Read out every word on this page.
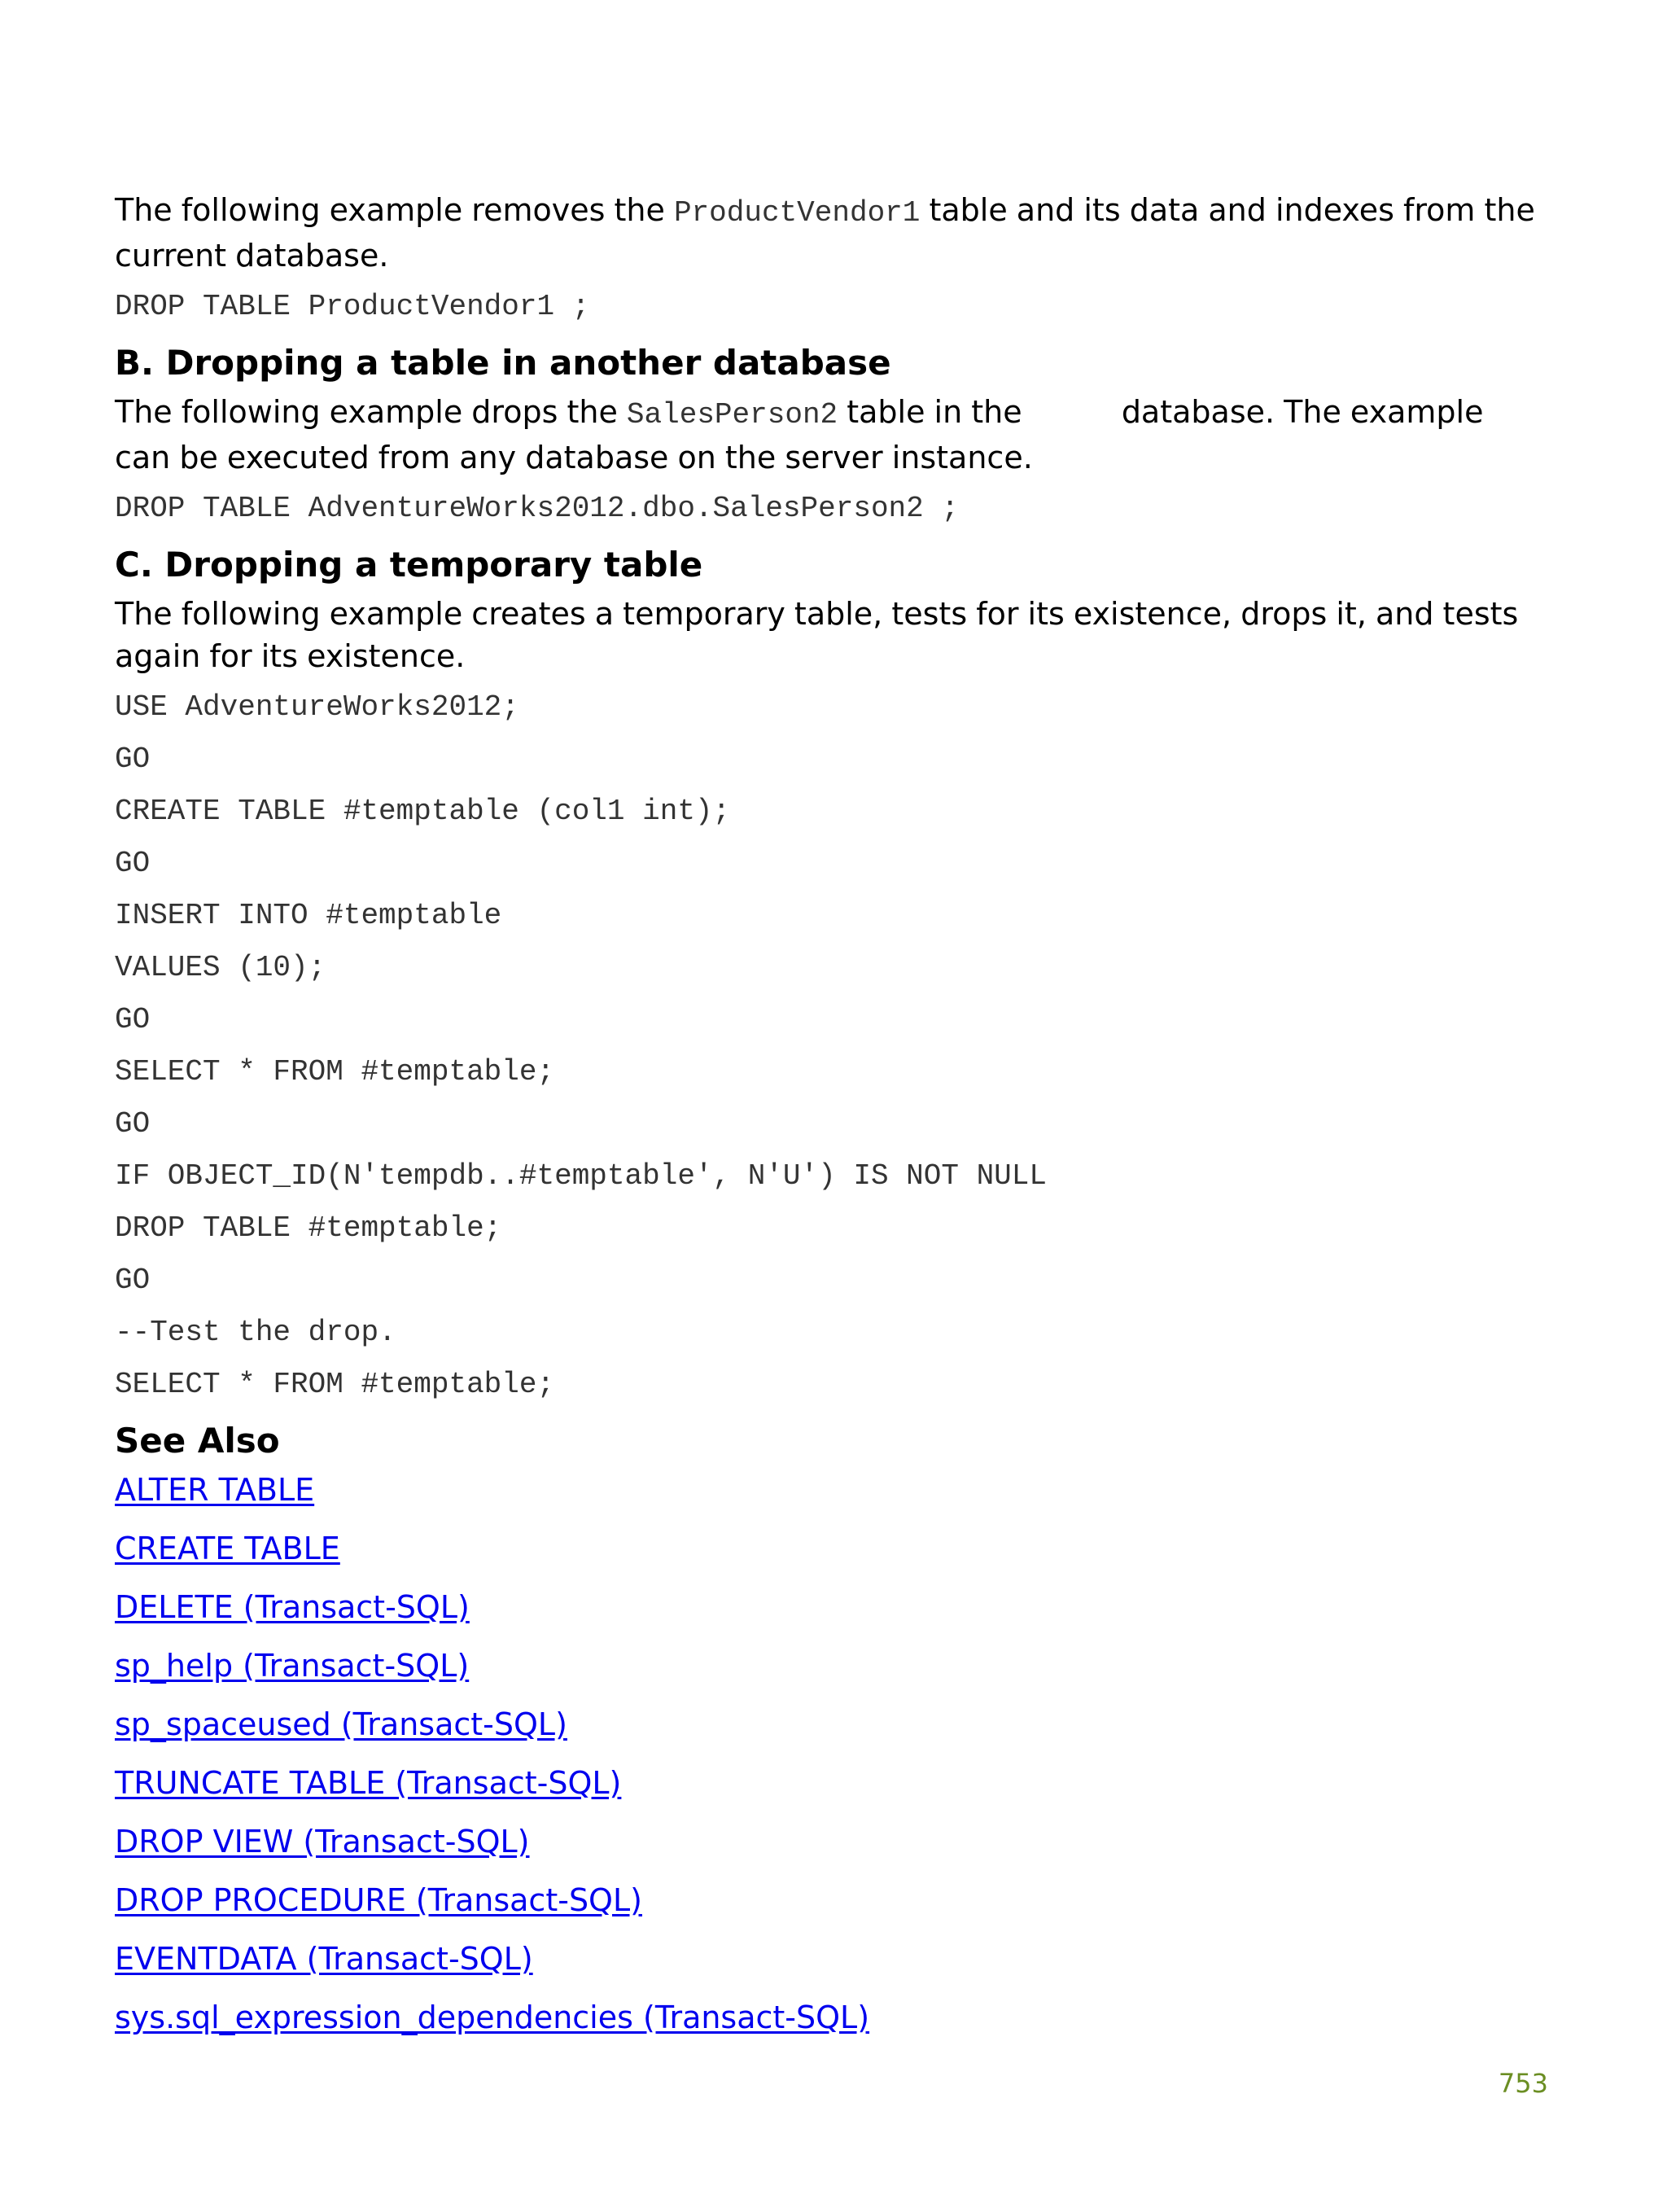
The following example removes the ProductVendor1 table and its data and indexes from the current database.

DROP TABLE ProductVendor1 ;

B. Dropping a table in another database

The following example drops the SalesPerson2 table in the	database. The example can be executed from any database on the server instance.

DROP TABLE AdventureWorks2012.dbo.SalesPerson2 ;

C. Dropping a temporary table

The following example creates a temporary table, tests for its existence, drops it, and tests again for its existence.

USE AdventureWorks2012;

GO

CREATE TABLE #temptable (col1 int);

GO

INSERT INTO #temptable

VALUES (10);

GO

SELECT * FROM #temptable;

GO

IF OBJECT_ID(N'tempdb..#temptable', N'U') IS NOT NULL

DROP TABLE #temptable;

GO

--Test the drop.

SELECT * FROM #temptable;

See Also
ALTER TABLE
CREATE TABLE
DELETE (Transact-SQL)
sp_help (Transact-SQL)
sp_spaceused (Transact-SQL)
TRUNCATE TABLE (Transact-SQL)
DROP VIEW (Transact-SQL)
DROP PROCEDURE (Transact-SQL)
EVENTDATA (Transact-SQL)
sys.sql_expression_dependencies (Transact-SQL)
753
